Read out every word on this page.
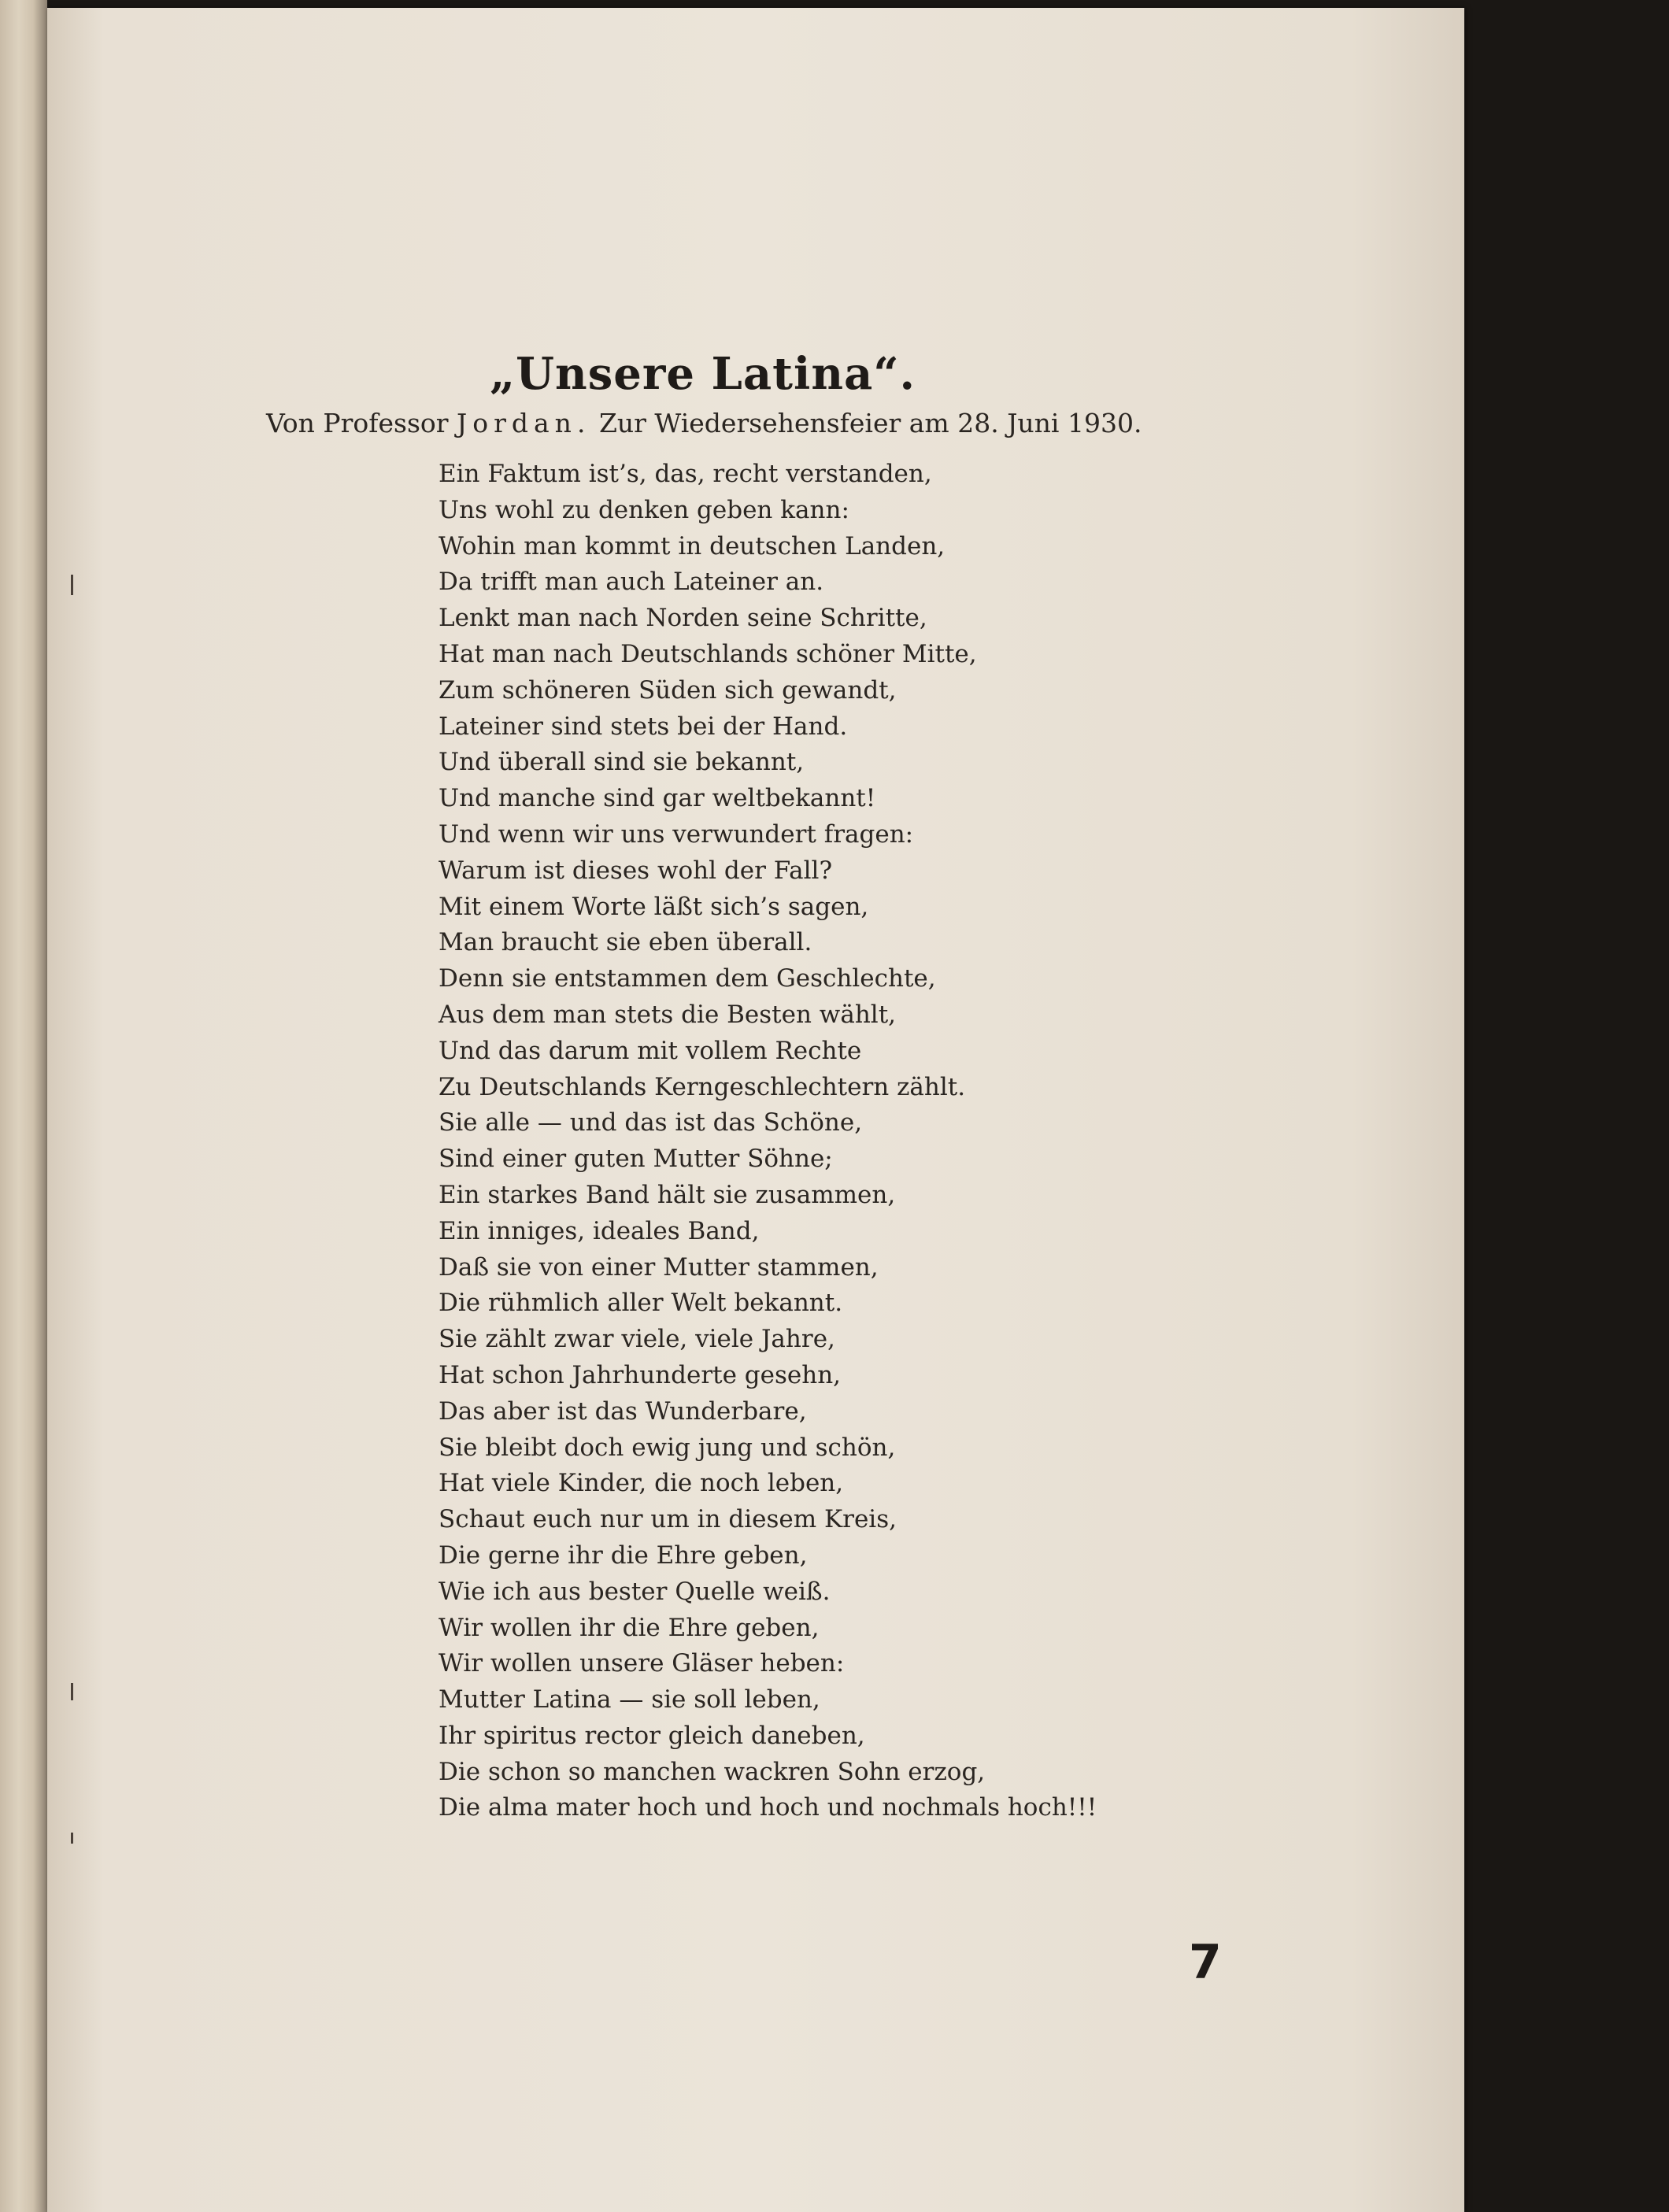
„Unsere Latina“.

Von Professor Jordan. Zur Wiedersehensfeier am 28. Juni 1930.

Ein Faktum ist’s, das, recht verstanden,
Uns wohl zu denken geben kann:
Wohin man kommt in deutschen Landen,
Da trifft man auch Lateiner an.
Lenkt man nach Norden seine Schritte,
Hat man nach Deutschlands schöner Mitte,
Zum schöneren Süden sich gewandt,
Lateiner sind stets bei der Hand.
Und überall sind sie bekannt,
Und manche sind gar weltbekannt!
Und wenn wir uns verwundert fragen:
Warum ist dieses wohl der Fall?
Mit einem Worte läßt sich’s sagen,
Man braucht sie eben überall.
Denn sie entstammen dem Geschlechte,
Aus dem man stets die Besten wählt,
Und das darum mit vollem Rechte
Zu Deutschlands Kerngeschlechtern zählt.
Sie alle — und das ist das Schöne,
Sind einer guten Mutter Söhne;
Ein starkes Band hält sie zusammen,
Ein inniges, ideales Band,
Daß sie von einer Mutter stammen,
Die rühmlich aller Welt bekannt.
Sie zählt zwar viele, viele Jahre,
Hat schon Jahrhunderte gesehn,
Das aber ist das Wunderbare,
Sie bleibt doch ewig jung und schön,
Hat viele Kinder, die noch leben,
Schaut euch nur um in diesem Kreis,
Die gerne ihr die Ehre geben,
Wie ich aus bester Quelle weiß.
Wir wollen ihr die Ehre geben,
Wir wollen unsere Gläser heben:
Mutter Latina — sie soll leben,
Ihr spiritus rector gleich daneben,
Die schon so manchen wackren Sohn erzog,
Die alma mater hoch und hoch und nochmals hoch!!!

7
